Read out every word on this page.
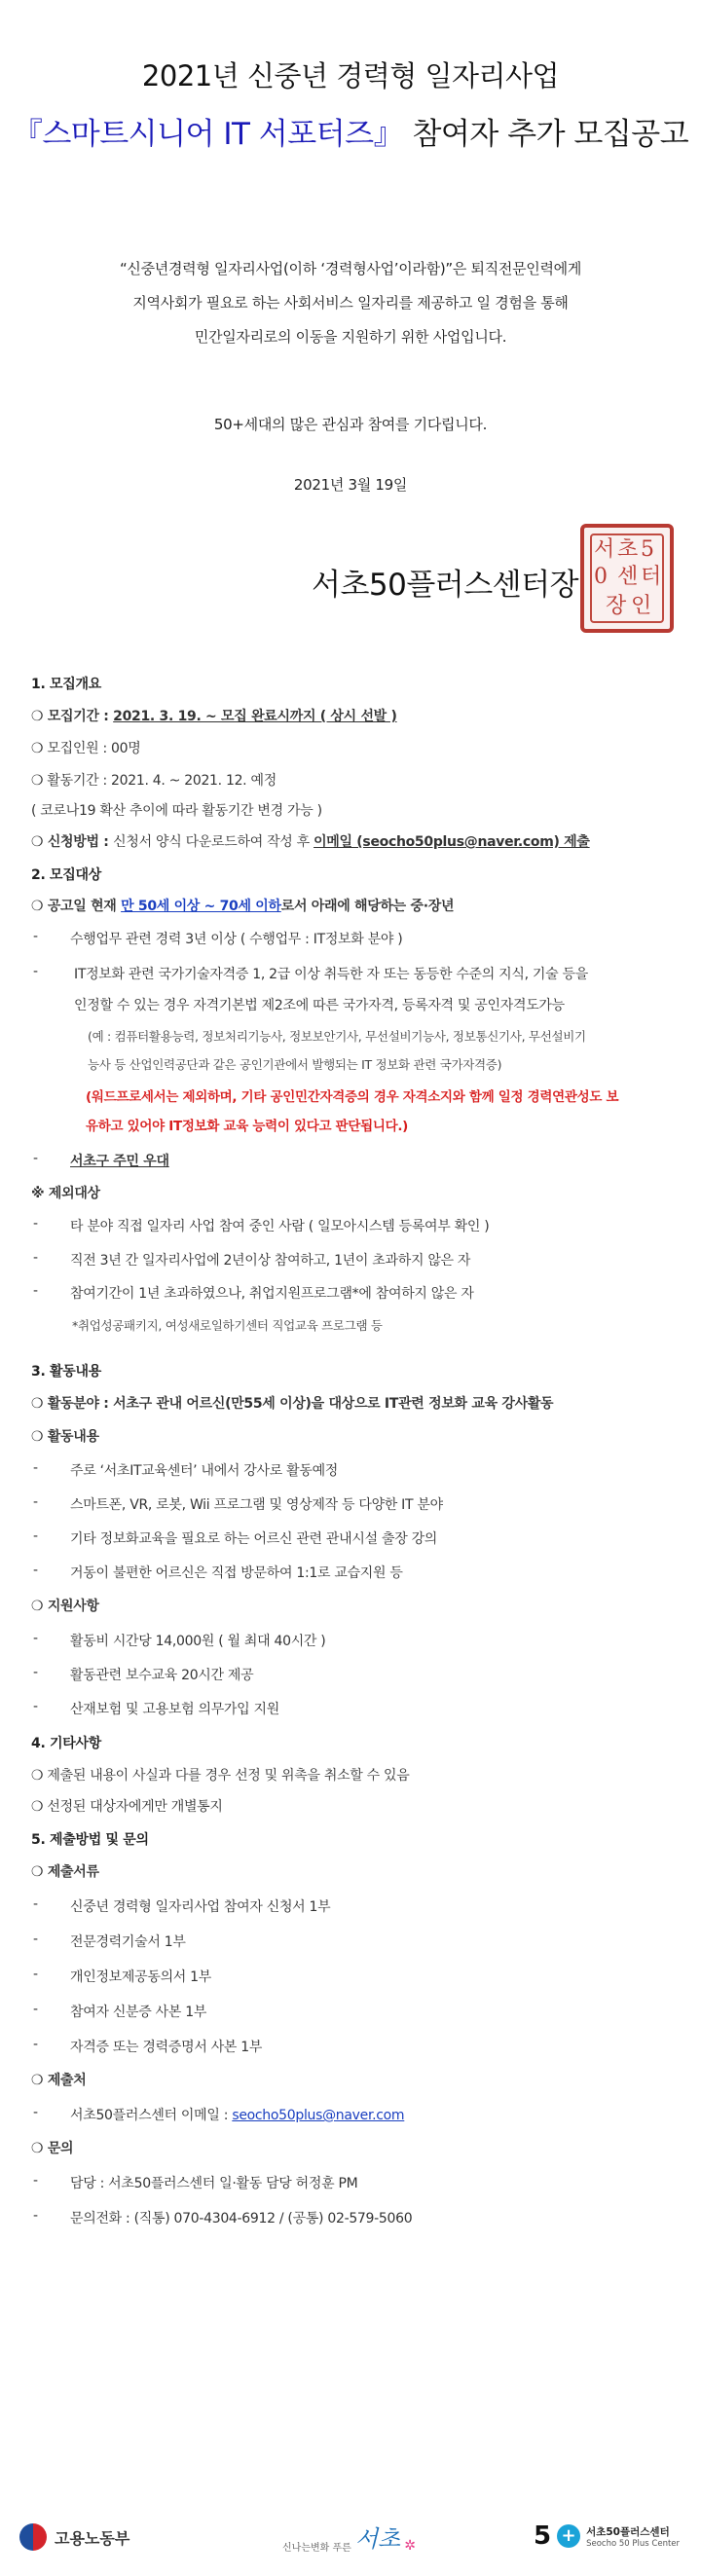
2021년 신중년 경력형 일자리사업
『스마트시니어 IT 서포터즈』 참여자 추가 모집공고
“신중년경력형 일자리사업(이하 ‘경력형사업’이라함)”은 퇴직전문인력에게
지역사회가 필요로 하는 사회서비스 일자리를 제공하고 일 경험을 통해
민간일자리로의 이동을 지원하기 위한 사업입니다.
50+세대의 많은 관심과 참여를 기다립니다.
2021년 3월 19일
서초50플러스센터장
서 초 5
0 센 터
장 인
1. 모집개요
❍ 모집기간 : 2021. 3. 19. ~ 모집 완료시까지 ( 상시 선발 )
❍ 모집인원 : 00명
❍ 활동기간 : 2021. 4. ~ 2021. 12. 예정
( 코로나19 확산 추이에 따라 활동기간 변경 가능 )
❍ 신청방법 : 신청서 양식 다운로드하여 작성 후 이메일 (seocho50plus@naver.com) 제출
2. 모집대상
❍ 공고일 현재 만 50세 이상 ~ 70세 이하로서 아래에 해당하는 중·장년
- 수행업무 관련 경력 3년 이상 ( 수행업무 : IT정보화 분야 )
-	IT정보화 관련 국가기술자격증 1, 2급 이상 취득한 자 또는 동등한 수준의 지식, 기술 등을
인정할 수 있는 경우 자격기본법 제2조에 따른 국가자격, 등록자격 및 공인자격도가능
(예 : 컴퓨터활용능력, 정보처리기능사, 정보보안기사, 무선설비기능사, 정보통신기사, 무선설비기
능사 등 산업인력공단과 같은 공인기관에서 발행되는 IT 정보화 관련 국가자격증)
(워드프로세서는 제외하며, 기타 공인민간자격증의 경우 자격소지와 함께 일정 경력연관성도 보
유하고 있어야 IT정보화 교육 능력이 있다고 판단됩니다.)
- 서초구 주민 우대
※ 제외대상
- 타 분야 직접 일자리 사업 참여 중인 사람 ( 일모아시스템 등록여부 확인 )
- 직전 3년 간 일자리사업에 2년이상 참여하고, 1년이 초과하지 않은 자
- 참여기간이 1년 초과하였으나, 취업지원프로그램*에 참여하지 않은 자
*취업성공패키지, 여성새로일하기센터 직업교육 프로그램 등
3. 활동내용
❍ 활동분야 : 서초구 관내 어르신(만55세 이상)을 대상으로 IT관련 정보화 교육 강사활동
❍ 활동내용
- 주로 ‘서초IT교육센터’ 내에서 강사로 활동예정
- 스마트폰, VR, 로봇, Wii 프로그램 및 영상제작 등 다양한 IT 분야
- 기타 정보화교육을 필요로 하는 어르신 관련 관내시설 출장 강의
- 거동이 불편한 어르신은 직접 방문하여 1:1로 교습지원 등
❍ 지원사항
- 활동비 시간당 14,000원 ( 월 최대 40시간 )
- 활동관련 보수교육 20시간 제공
- 산재보험 및 고용보험 의무가입 지원
4. 기타사항
❍ 제출된 내용이 사실과 다를 경우 선정 및 위촉을 취소할 수 있음
❍ 선정된 대상자에게만 개별통지
5. 제출방법 및 문의
❍ 제출서류
- 신중년 경력형 일자리사업 참여자 신청서 1부
- 전문경력기술서 1부
- 개인정보제공동의서 1부
- 참여자 신분증 사본 1부
- 자격증 또는 경력증명서 사본 1부
❍ 제출처
- 서초50플러스센터 이메일 : seocho50plus@naver.com
❍ 문의
- 담당 : 서초50플러스센터 일·활동 담당 허정훈 PM
- 문의전화 : (직통) 070-4304-6912 / (공통) 02-579-5060
고용노동부
신나는변화 푸른 서초 ✲	5 + 서초50플러스센터
Seocho 50 Plus Center
